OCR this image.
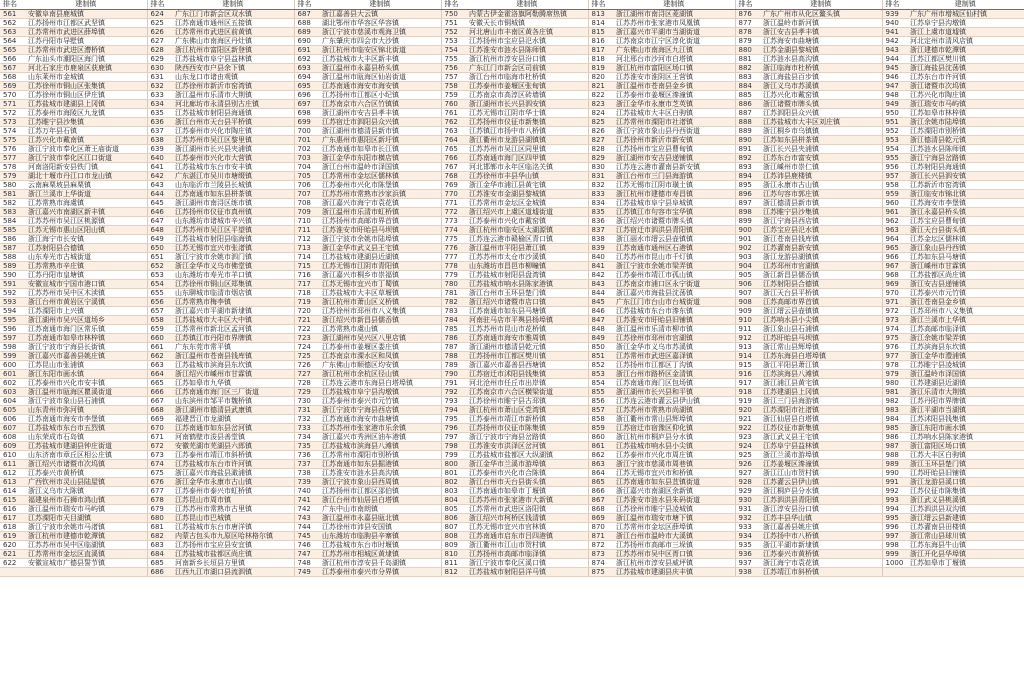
排名	建制镇	排名	建制镇	排名	建制镇	排名	建制镇	排名	建制镇	排名	建制镇	排名	建制镇
561	安徽阜南县鹿城镇	624	广东江门市新会区双水镇	687	浙江嘉善县大云镇	750	内蒙古伊金霍洛旗阿勒腾席热镇	813	浙江湖州市南浔区菱湖镇	876	广东广州市从化区鳌头镇	939	广东广州市增城区仙村镇
562	江苏扬州市江都区武坚镇	625	江苏南通市通州区五接镇	688	湖北鄂州市华容区华容镇	751	安徽天长市铜城镇	814	江苏苏州市张家港市凤凰镇	877	浙江温岭市新河镇	940	江苏阜宁县沟墩镇
563	江苏常州市武进区薛埠镇	626	江苏常州市武进区前黄镇	689	浙江宁波市慈溪市观海卫镇	752	河北唐山市丰南区黄各庄镇	815	浙江嘉兴市平湖市当湖街道	878	浙江安吉县孝丰镇	941	浙江上虞市道墟镇
564	江苏丹阳市导墅镇	627	广东佛山市南海区丹灶镇	690	广东肇庆市四会市大沙镇	753	江苏扬州市宝应县氾水镇	816	江苏南京市江宁区淳化街道	879	江苏海安市曲塘镇	942	河北定州市清风店镇
565	江苏常州市武进区漕桥镇	628	浙江杭州市富阳区新登镇	691	浙江杭州市临安区锦北街道	754	江苏淮安市涟水县陈师镇	817	广东佛山市南海区九江镇	880	江苏金湖县黎城镇	943	浙江建德市乾潭镇
566	广东汕头市潮阳区海门镇	629	江苏盐城市阜宁县益林镇	692	江苏盐城市大丰区新丰镇	755	浙江杭州市淳安县汾口镇	818	河北邢台市沙河市白塔镇	881	江苏涟水县高沟镇	944	江苏江都区樊川镇
567	河北石家庄市鹿泉区获鹿镇	630	陕西西安市户县余下镇	693	浙江温州市永嘉县桥头镇	756	广东江门市新会区司前镇	819	浙江杭州市富阳区场口镇	882	浙江临海市杜桥镇	945	浙江海盐县沈荡镇
568	山东莱州市金城镇	631	山东龙口市诸由观镇	694	浙江温州市瓯海区仙岩街道	757	浙江台州市临海市杜桥镇	820	江苏淮安市淮阴区王营镇	883	浙江海盐县百步镇	946	江苏东台市许河镇
569	江苏徐州市铜山区张集镇	632	江苏徐州市新沂市窑湾镇	695	江苏南通市海安市海安镇	758	江苏泰州市姜堰区张甸镇	821	浙江温州市苍南县金乡镇	884	浙江义乌市苏溪镇	947	浙江诸暨市次坞镇
570	江苏徐州市铜山区伊庄镇	633	浙江温州市乐清市大荆镇	696	江苏扬州市江都区小纪镇	759	江苏南京市高淳区砖墙镇	822	江苏泰州市姜堰区溱潼镇	885	江苏兴化市戴窑镇	948	江苏兴化市陶庄镇
571	江苏盐城市建湖县上冈镇	634	河北廊坊市永清县别古庄镇	697	江苏南京市六合区竹镇镇	760	浙江湖州市长兴县泗安镇	823	浙江金华市永康市芝英镇	886	浙江诸暨市牌头镇	949	浙江瑞安市马屿镇
572	江苏泰州市海陵区九龙镇	635	江苏盐城市射阳县海通镇	698	浙江湖州市安吉县孝丰镇	761	江苏无锡市江阴市华士镇	824	江苏盐城市大丰区白驹镇	887	江苏泗阳县众兴镇	950	江苏如皋市林梓镇
573	江苏睢宁县沙集镇	636	浙江台州市天台县平桥镇	699	江苏宿迁市泗阳县众兴镇	762	江苏扬州市仪征市新集镇	825	江苏常州市溧阳市社渚镇	888	江苏盐城市大丰区刘庄镇	951	浙江余姚市陆埠镇
574	江苏万年县石镇	637	江苏泰州市兴化市陶庄镇	700	浙江湖州市德清县新市镇	763	江苏镇江市扬中市八桥镇	826	浙江宁波市象山县丹西街道	889	浙江桐乡市乌镇镇	952	江苏溧阳市别桥镇
575	江苏兴化市戴南镇	638	江苏苏州市吴江区黎里镇	701	广东惠州市惠阳区新圩镇	764	浙江衢州市龙游县湖镇镇	827	江苏徐州市新沂市新安镇	890	江苏如东县栟茶镇	953	浙江德清县乾元镇
576	浙江宁波市奉化区萧王庙街道	639	浙江湖州市长兴县夹浦镇	702	江苏南通市如皋市长江镇	765	江苏苏州市吴江区同里镇	828	江苏扬州市宝应县曹甸镇	891	浙江长兴县夹浦镇	954	江苏涟水县陈师镇
577	浙江宁波市奉化区江口街道	640	江苏泰州市兴化市大营镇	703	浙江金华市东阳市横店镇	766	江苏南通市海门区四甲镇	829	浙江湖州市安吉县递铺镇	892	江苏东台市富安镇	955	浙江宁海县岔路镇
578	河南洛阳新安县铁门镇	641	江苏盐城市东台市安丰镇	704	浙江台州市温岭市泽国镇	767	河北邯郸市永年区临洺关镇	830	江苏连云港市灌南县新安镇	893	浙江嵊州市崇仁镇	956	江苏射阳县海通镇
579	湖北十堰市丹江口市龙山镇	642	广东湛江市吴川市塘缀镇	705	江苏常州市金坛区儒林镇	768	江苏徐州市丰县华山镇	831	浙江台州市三门县海游镇	894	江苏沛县鹿楼镇	957	浙江长兴县泗安镇
580	云南麻栗坡县麻栗镇	643	山东临沂市兰陵县长城镇	706	江苏泰州市兴化市陈堡镇	769	浙江金华市浦江县黄宅镇	832	江苏无锡市江阴市璜土镇	895	浙江永康市古山镇	958	江苏新沂市窑湾镇
581	浙江兰溪市上华街道	644	江苏南通市如东县栟茶镇	707	江苏苏州市常熟市沙家浜镇	770	江苏淮安市金湖县黎城镇	833	浙江杭州市建德市寿昌镇	896	江苏句容市郭庄镇	959	浙江临安市锦北镇
582	江苏常熟市海虞镇	645	浙江湖州市南浔区练市镇	708	浙江嘉兴市海宁市袁花镇	771	江苏常州市金坛区金城镇	834	江苏盐城市阜宁县阜城镇	897	浙江德清县新市镇	960	江苏海安市李堡镇
583	浙江嘉兴市南湖区新丰镇	646	江苏扬州市仪征市真州镇	709	浙江温州市乐清市虹桥镇	772	浙江绍兴市上虞区道墟街道	835	江苏镇江市句容市宝华镇	898	江苏睢宁县沙集镇	961	浙江永嘉县桥头镇
584	江苏苏州市吴江区桃源镇	647	山东潍坊市诸城市辛兴镇	710	江苏扬州市高邮市界首镇	773	江苏泰州市兴化市戴窑镇	836	浙江绍兴市诸暨市牌头镇	899	浙江宁海县西店镇	962	江苏宝应县曹甸镇
585	江苏无锡市惠山区阳山镇	648	江苏苏州市吴江区平望镇	711	江苏淮安市盱眙县马坝镇	774	浙江杭州市临安区太湖源镇	837	江苏宿迁市泗洪县青阳镇	900	江苏宝应县氾水镇	963	浙江天台县街头镇
586	浙江海宁市长安镇	649	江苏盐城市射阳县临海镇	712	浙江宁波市余姚市陆埠镇	775	江苏连云港市赣榆区青口镇	838	浙江丽水市缙云县壶镇镇	901	浙江苍南县钱库镇	964	江苏金坛区儒林镇
587	江苏射阳县合德镇	650	江苏无锡市宜兴市张渚镇	713	浙江金华市武义县王宅镇	776	浙江温州市平阳县萧江镇	839	江苏南通市通州区石港镇	902	江苏灌南县新安镇	965	浙江象山县丹西镇
588	山东寿光市古城街道	651	浙江宁波市余姚市泗门镇	714	江苏盐城市建湖县近湖镇	777	江苏苏州市太仓市沙溪镇	840	江苏苏州市昆山市千灯镇	903	浙江龙游县湖镇镇	966	江苏如东县马塘镇
589	江苏常熟市辛庄镇	652	浙江金华市义乌市佛堂镇	715	江苏无锡市江阴市青阳镇	778	山东潍坊市昌邑市柳疃镇	841	浙江宁波市余姚市梁弄镇	904	江苏邳州市官湖镇	967	浙江嵊州市甘霖镇
590	江苏丹阳市皇塘镇	653	山东潍坊市寿光市羊口镇	716	浙江嘉兴市桐乡市崇福镇	779	江苏盐城市射阳县盘湾镇	842	江苏泰州市靖江市孤山镇	905	浙江新昌县儒岙镇	968	江苏盐都区尚庄镇
591	安徽宣城市宁国市港口镇	654	江苏徐州市铜山区郑集镇	717	江苏无锡市宜兴市丁蜀镇	780	江苏盐城市响水县陈家港镇	843	江苏南京市浦口区永宁街道	906	江苏射阳县合德镇	969	浙江安吉县递铺镇
592	江苏苏州市吴中区木渎镇	655	山东聊城市临清市烟店镇	718	江苏盐城市大丰区草堰镇	781	浙江台州市玉环县楚门镇	844	浙江嘉兴市海盐县沈荡镇	907	浙江天台县平桥镇	970	江苏泰兴市元竹镇
593	浙江台州市黄岩区宁溪镇	656	江苏常熟市梅李镇	719	浙江杭州市萧山区义桥镇	782	浙江绍兴市诸暨市店口镇	845	广东江门市台山市台城街道	908	江苏高邮市界首镇	971	浙江苍南县金乡镇
594	江苏溧阳市上兴镇	657	浙江嘉兴市平湖市新埭镇	720	江苏徐州市邳州市八义集镇	783	江苏南通市如东县马塘镇	846	江苏盐城市东台市溱东镇	909	浙江缙云县壶镇镇	972	江苏邳州市八义集镇
595	浙江湖州市吴兴区道场乡	658	江苏盐城市大丰区大中镇	721	浙江绍兴市新昌县儒岙镇	784	河南驻马店市平舆县杨埠镇	847	江苏淮安市盱眙县旧铺镇	910	江苏响水县小尖镇	973	浙江兰溪市上华镇
596	江苏南通市海门区常乐镇	659	江苏常州市新北区孟河镇	722	江苏常熟市虞山镇	785	江苏苏州市昆山市花桥镇	848	浙江温州市乐清市柳市镇	911	浙江象山县石浦镇	974	江苏高邮市临泽镇
597	江苏南通市如皋市林梓镇	660	江苏镇江市丹阳市界牌镇	723	浙江湖州市吴兴区八里店镇	786	江苏南通市海安市雅周镇	849	江苏徐州市邳州市官湖镇	912	江苏盱眙县马坝镇	975	浙江余姚市梁弄镇
598	浙江宁波市宁海县长街镇	661	广东东莞市常平镇	724	江苏泰州市姜堰区娄庄镇	787	浙江湖州市德清县乾元镇	850	浙江金华市义乌市苏溪镇	913	浙江常山县辉埠镇	976	江苏滨海县东坎镇
599	浙江嘉兴市嘉善县姚庄镇	662	浙江温州市苍南县钱库镇	725	江苏南京市溧水区和凤镇	788	江苏扬州市江都区樊川镇	851	江苏常州市武进区嘉泽镇	914	江苏东海县白塔埠镇	977	浙江金华市澧浦镇
600	江苏昆山市张浦镇	663	江苏盐城市滨海县东坎镇	726	广东佛山市顺德区均安镇	789	浙江嘉兴市嘉善县西塘镇	852	江苏扬州市江都区丁沟镇	915	浙江平阳县萧江镇	978	江苏睢宁县凌城镇
601	浙江东阳市画水镇	664	浙江绍兴市嵊州市甘霖镇	727	浙江杭州市余杭区径山镇	790	江苏宿迁市沭阳县钱集镇	853	浙江台州市路桥区金清镇	916	江苏滨海县八滩镇	979	浙江温岭市泽国镇
602	江苏泰州市兴化市安丰镇	665	江苏如皋市九华镇	728	江苏连云港市东海县白塔埠镇	791	河北沧州市任丘市出岸镇	854	江苏南通市海门区包场镇	917	浙江浦江县黄宅镇	980	江苏建湖县近湖镇
603	浙江温州市瓯海区瞿溪街道	666	江苏南通市海门区三厂街道	729	江苏盐城市阜宁县沟墩镇	792	江苏南京市六合区横梁街道	855	浙江湖州市长兴县和平镇	918	江苏建湖县上冈镇	981	浙江乐清市大荆镇
604	浙江宁波市象山县石浦镇	667	山东滨州市邹平市魏桥镇	730	江苏泰州市泰兴市元竹镇	793	江苏徐州市睢宁县古邳镇	856	江苏连云港市灌云县伊山镇	919	浙江三门县海游镇	982	江苏丹阳市界牌镇
605	山东青州市弥河镇	668	浙江湖州市德清县武康镇	731	浙江宁波市宁海县西店镇	794	浙江杭州市萧山区党湾镇	857	江苏苏州市常熟市尚湖镇	920	江苏溧阳市社渚镇	983	浙江平湖市当湖镇
606	江苏南通市海安市李堡镇	669	福建晋江市龙湖镇	732	江苏南通市海安市曲塘镇	795	江苏泰州市靖江市新桥镇	858	浙江衢州市常山县辉埠镇	921	浙江仙居县白塔镇	984	江苏沭阳县钱集镇
607	江苏盐城市东台市五烈镇	670	江苏南通市如东县岔河镇	733	江苏苏州市张家港市乐余镇	796	江苏扬州市仪征市陈集镇	859	江苏宿迁市宿豫区仰化镇	922	江苏仪征市新集镇	985	浙江东阳市画水镇
608	山东荣成市石岛镇	671	河南鹤壁市浚县善堂镇	734	浙江嘉兴市秀洲区油车港镇	797	浙江宁波市宁海县岔路镇	860	浙江杭州市桐庐县分水镇	923	浙江武义县王宅镇	986	江苏响水县陈家港镇
609	江苏盐城市建湖县钟庄街道	672	安徽芜湖市芜湖县六郎镇	735	江苏盐城市滨海县八滩镇	798	江苏淮安市洪泽区岔河镇	861	江苏盐城市响水县小尖镇	924	江苏阜宁县益林镇	987	浙江富阳区场口镇
610	山东济南市章丘区相公庄镇	673	江苏泰州市靖江市斜桥镇	736	江苏常州市溧阳市别桥镇	799	江苏盐城市盐都区大纵湖镇	862	江苏泰州市兴化市周庄镇	925	浙江兰溪市游埠镇	988	江苏大丰区白驹镇
611	浙江绍兴市诸暨市次坞镇	674	江苏盐城市东台市许河镇	737	江苏南通市如东县掘港镇	800	浙江金华市兰溪市游埠镇	863	浙江宁波市慈溪市周巷镇	926	江苏姜堰区溱潼镇	989	浙江玉环县楚门镇
612	江苏泰兴市黄桥镇	675	浙江嘉兴市海盐县澉浦镇	738	江苏淮安市涟水县高沟镇	801	江苏泰州市兴化市合陈镇	864	江苏无锡市宜兴市和桥镇	927	浙江江山市贺村镇	990	江苏盱眙县旧铺镇
613	广西钦州市灵山县陆屋镇	676	浙江金华市永康市古山镇	739	浙江宁波市象山县西周镇	802	浙江台州市天台县街头镇	865	江苏南通市如东县苴镇街道	928	江苏灌云县伊山镇	991	浙江龙游县溪口镇
614	浙江义乌市大陈镇	677	江苏泰州市泰兴市虹桥镇	740	江苏扬州市江都区邵伯镇	803	江苏南通市如皋市丁堰镇	866	浙江嘉兴市南湖区余新镇	929	浙江桐庐县分水镇	992	江苏仪征市陈集镇
615	福建泉州市石狮市鸿山镇	678	江苏昆山市周市镇	741	浙江台州市仙居县白塔镇	804	江苏苏州市张家港市大新镇	867	江苏淮安市涟水县朱码街道	930	江苏泗洪县青阳镇	993	浙江武义县桃溪镇
616	浙江温州市瑞安市马屿镇	679	江苏苏州市常熟市古里镇	742	广东中山市南朗镇	805	江苏常州市武进区洛阳镇	868	江苏徐州市睢宁县凌城镇	931	浙江淳安县汾口镇	994	江苏泗洪县双沟镇
617	江苏溧阳市天目湖镇	680	江苏昆山市巴城镇	743	浙江温州市永嘉县瓯北镇	806	浙江绍兴市柯桥区钱清镇	869	浙江温州市瑞安市塘下镇	932	江苏丰县华山镇	995	浙江缙云县新建镇
618	浙江宁波市余姚市马渚镇	681	江苏盐城市东台市唐洋镇	744	江苏徐州市沛县安国镇	807	江苏无锡市宜兴市官林镇	870	江苏常州市金坛区薛埠镇	933	浙江嘉善县姚庄镇	996	江苏灌南县田楼镇
619	浙江杭州市建德市乾潭镇	682	内蒙古包头市九原区哈林格尔镇	745	山东潍坊市临朐县辛寨镇	808	江苏南通市启东市吕四港镇	871	浙江台州市温岭市大溪镇	934	江苏扬中市八桥镇	997	浙江常山县球川镇
620	江苏苏州市吴中区临湖镇	683	江苏扬州市宝应县安宜镇	746	江苏盐城市东台市时堰镇	809	浙江衢州市江山市贺村镇	872	江苏扬州市高邮市三垛镇	935	浙江平湖市新埭镇	998	江苏东海县牛山镇
621	江苏常州市金坛区直溪镇	684	江苏盐城市盐都区尚庄镇	747	江苏苏州市相城区黄埭镇	810	江苏扬州市高邮市临泽镇	873	江苏苏州市吴中区胥口镇	936	江苏泰兴市黄桥镇	999	浙江开化县华埠镇
622	安徽宣城市广德县誓节镇	685	河南新乡长垣县方里镇	748	浙江杭州市淳安县千岛湖镇	811	浙江宁波市奉化区溪口镇	874	浙江杭州市淳安县威坪镇	937	浙江海宁市袁花镇	1000	江苏如皋市丁堰镇
		686	江西九江市湖口县流泗镇	749	江苏泰州市泰兴市分界镇	812	江苏盐城市射阳县洋马镇	875	江苏盐城市建湖县庆丰镇	938	江苏靖江市斜桥镇		
